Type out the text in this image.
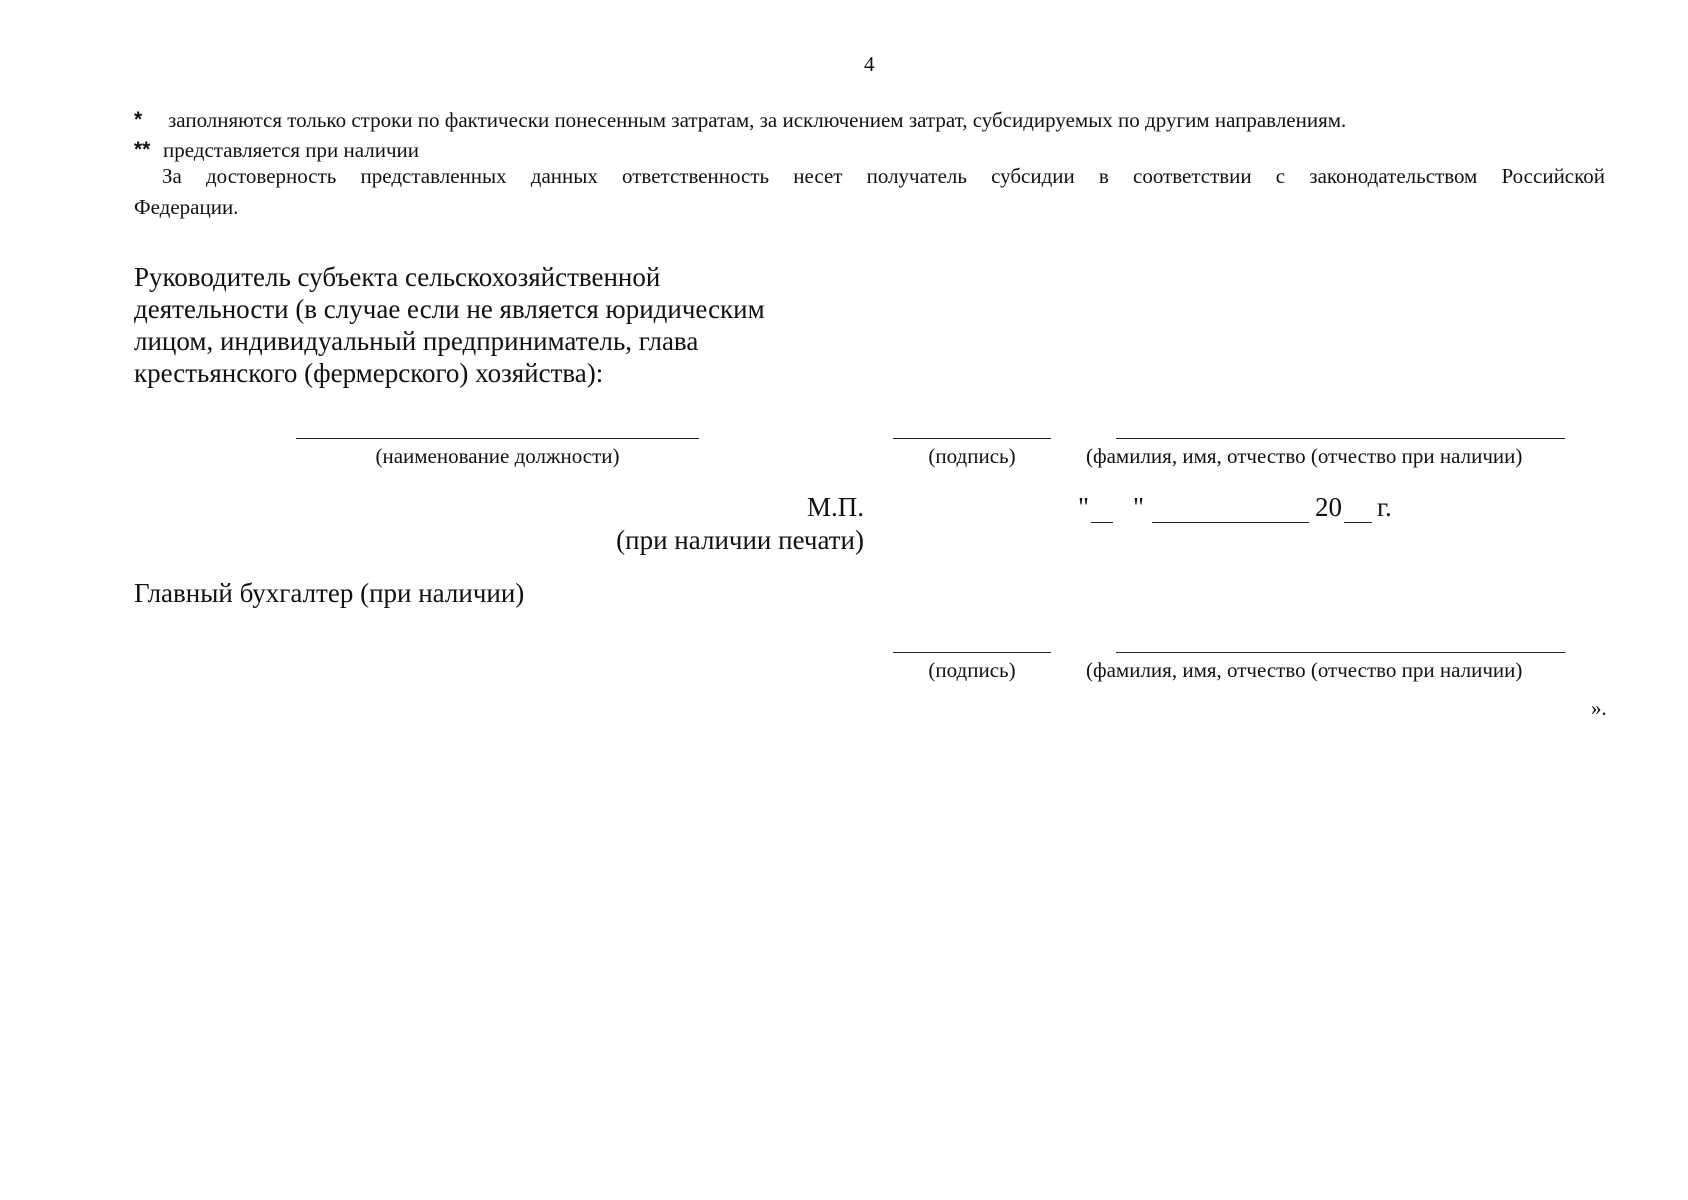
4
* заполняются только строки по фактически понесенным затратам, за исключением затрат, субсидируемых по другим направлениям.
** представляется при наличии
За достоверность представленных данных ответственность несет получатель субсидии в соответствии с законодательством Российской
Федерации.
Руководитель субъекта сельскохозяйственной
деятельности (в случае если не является юридическим
лицом, индивидуальный предприниматель, глава
крестьянского (фермерского) хозяйства):
(наименование должности)	(подпись)	(фамилия, имя, отчество (отчество при наличии)
М.П.
(при наличии печати)
" "	20 г.
Главный бухгалтер (при наличии)
(подпись)	(фамилия, имя, отчество (отчество при наличии)
».
